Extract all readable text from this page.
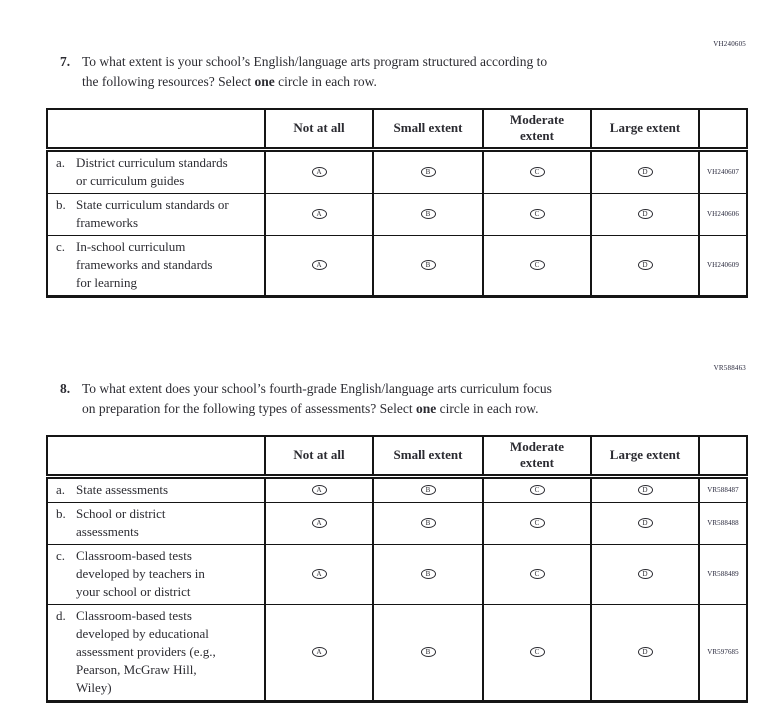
VH240605
7. To what extent is your school’s English/language arts program structured according to
the following resources? Select one circle in each row.
	Not at all	Small extent	Moderate extent	Large extent	

a. District curriculum standards or curriculum guides	A	B	C	D	VH240607

b. State curriculum standards or frameworks	A	B	C	D	VH240606

c. In-school curriculum frameworks and standards for learning	A	B	C	D	VH240609
VR588463
8. To what extent does your school’s fourth-grade English/language arts curriculum focus
on preparation for the following types of assessments? Select one circle in each row.
	Not at all	Small extent	Moderate extent	Large extent	

a. State assessments	A	B	C	D	VR588487

b. School or district assessments	A	B	C	D	VR588488

c. Classroom-based tests developed by teachers in your school or district	A	B	C	D	VR588489

d. Classroom-based tests developed by educational assessment providers (e.g., Pearson, McGraw Hill, Wiley)	A	B	C	D	VR597685
